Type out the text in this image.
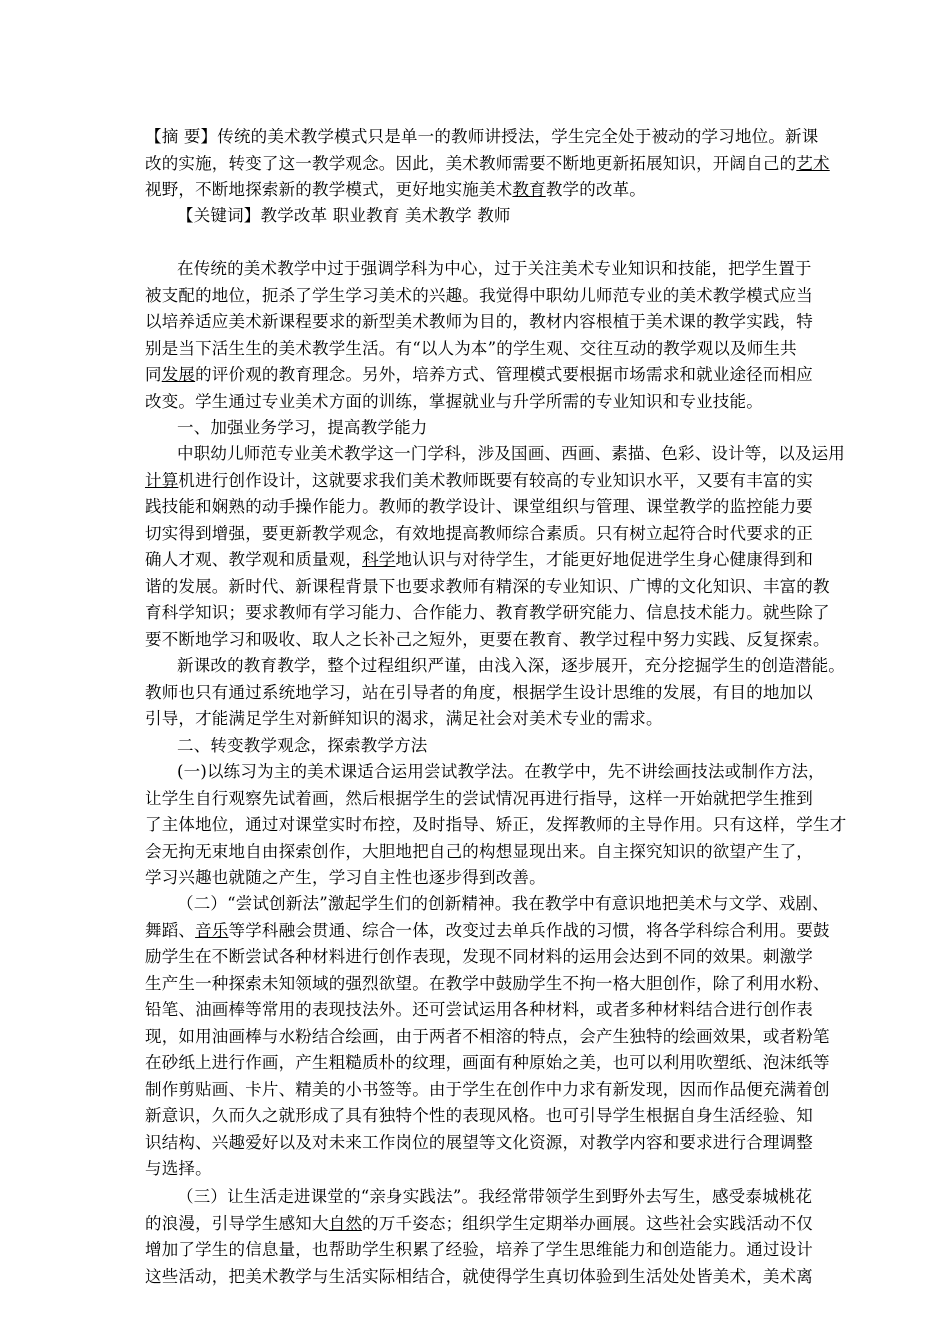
【摘 要】传统的美术教学模式只是单一的教师讲授法，学生完全处于被动的学习地位。新课
改的实施，转变了这一教学观念。因此，美术教师需要不断地更新拓展知识，开阔自己的艺术
视野，不断地探索新的教学模式，更好地实施美术教育教学的改革。
【关键词】教学改革 职业教育 美术教学 教师
在传统的美术教学中过于强调学科为中心，过于关注美术专业知识和技能，把学生置于
被支配的地位，扼杀了学生学习美术的兴趣。我觉得中职幼儿师范专业的美术教学模式应当
以培养适应美术新课程要求的新型美术教师为目的，教材内容根植于美术课的教学实践，特
别是当下活生生的美术教学生活。有“以人为本”的学生观、交往互动的教学观以及师生共
同发展的评价观的教育理念。另外，培养方式、管理模式要根据市场需求和就业途径而相应
改变。学生通过专业美术方面的训练，掌握就业与升学所需的专业知识和专业技能。
一、加强业务学习，提高教学能力
中职幼儿师范专业美术教学这一门学科，涉及国画、西画、素描、色彩、设计等，以及运用
计算机进行创作设计，这就要求我们美术教师既要有较高的专业知识水平，又要有丰富的实
践技能和娴熟的动手操作能力。教师的教学设计、课堂组织与管理、课堂教学的监控能力要
切实得到增强，要更新教学观念，有效地提高教师综合素质。只有树立起符合时代要求的正
确人才观、教学观和质量观，科学地认识与对待学生，才能更好地促进学生身心健康得到和
谐的发展。新时代、新课程背景下也要求教师有精深的专业知识、广博的文化知识、丰富的教
育科学知识；要求教师有学习能力、合作能力、教育教学研究能力、信息技术能力。就些除了
要不断地学习和吸收、取人之长补己之短外，更要在教育、教学过程中努力实践、反复探索。
新课改的教育教学，整个过程组织严谨，由浅入深，逐步展开，充分挖掘学生的创造潜能。
教师也只有通过系统地学习，站在引导者的角度，根据学生设计思维的发展，有目的地加以
引导，才能满足学生对新鲜知识的渴求，满足社会对美术专业的需求。
二、转变教学观念，探索教学方法
(一)以练习为主的美术课适合运用尝试教学法。在教学中，先不讲绘画技法或制作方法，
让学生自行观察先试着画，然后根据学生的尝试情况再进行指导，这样一开始就把学生推到
了主体地位，通过对课堂实时布控，及时指导、矫正，发挥教师的主导作用。只有这样，学生才
会无拘无束地自由探索创作，大胆地把自己的构想显现出来。自主探究知识的欲望产生了，
学习兴趣也就随之产生，学习自主性也逐步得到改善。
（二）“尝试创新法”激起学生们的创新精神。我在教学中有意识地把美术与文学、戏剧、
舞蹈、音乐等学科融会贯通、综合一体，改变过去单兵作战的习惯，将各学科综合利用。要鼓
励学生在不断尝试各种材料进行创作表现，发现不同材料的运用会达到不同的效果。刺激学
生产生一种探索未知领域的强烈欲望。在教学中鼓励学生不拘一格大胆创作，除了利用水粉、
铅笔、油画棒等常用的表现技法外。还可尝试运用各种材料，或者多种材料结合进行创作表
现，如用油画棒与水粉结合绘画，由于两者不相溶的特点，会产生独特的绘画效果，或者粉笔
在砂纸上进行作画，产生粗糙质朴的纹理，画面有种原始之美，也可以利用吹塑纸、泡沫纸等
制作剪贴画、卡片、精美的小书签等。由于学生在创作中力求有新发现，因而作品便充满着创
新意识，久而久之就形成了具有独特个性的表现风格。也可引导学生根据自身生活经验、知
识结构、兴趣爱好以及对未来工作岗位的展望等文化资源，对教学内容和要求进行合理调整
与选择。
（三）让生活走进课堂的“亲身实践法”。我经常带领学生到野外去写生，感受泰城桃花
的浪漫，引导学生感知大自然的万千姿态；组织学生定期举办画展。这些社会实践活动不仅
增加了学生的信息量，也帮助学生积累了经验，培养了学生思维能力和创造能力。通过设计
这些活动，把美术教学与生活实际相结合，就使得学生真切体验到生活处处皆美术，美术离
